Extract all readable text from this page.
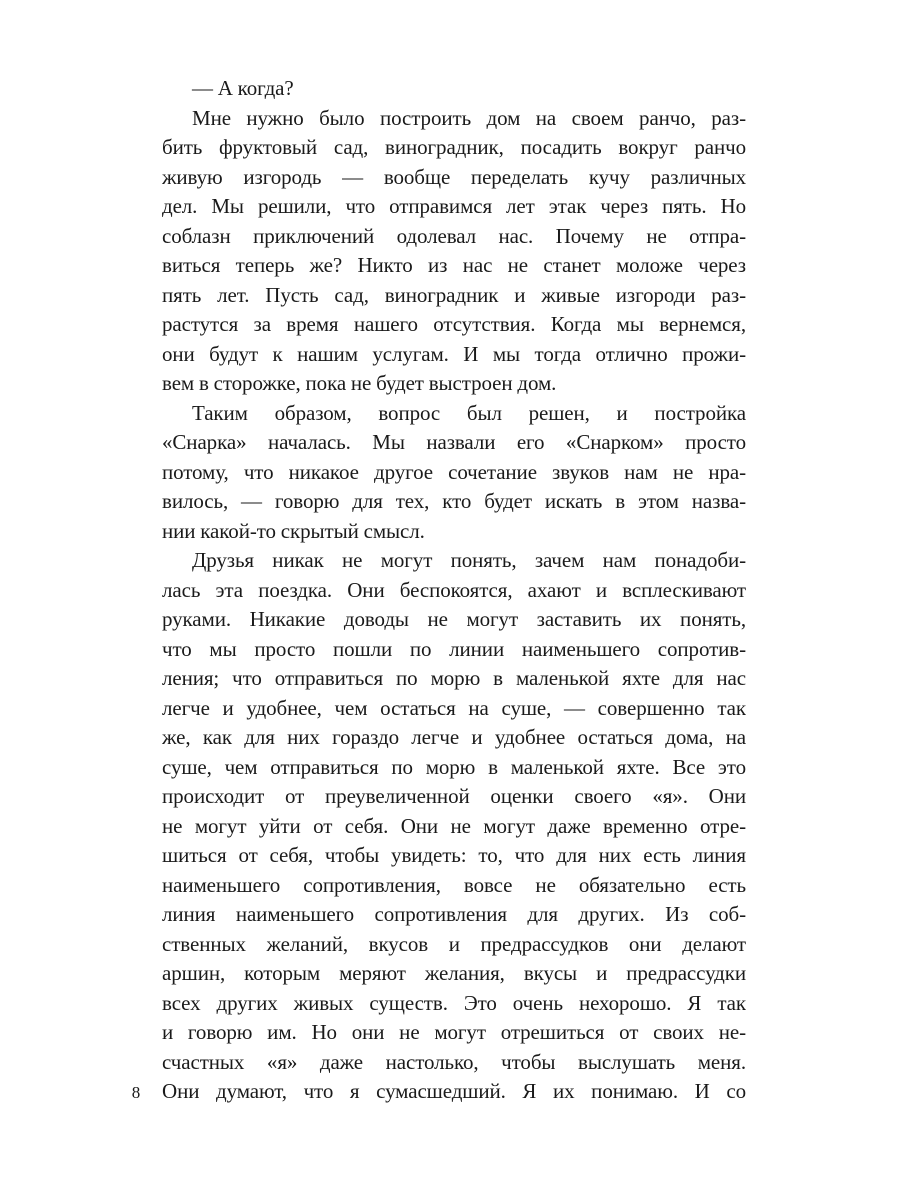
8
— А когда?
Мне нужно было построить дом на своем ранчо, раз-
бить фруктовый сад, виноградник, посадить вокруг ранчо
живую изгородь — вообще переделать кучу различных
дел. Мы решили, что отправимся лет этак через пять. Но
соблазн приключений одолевал нас. Почему не отпра-
виться теперь же? Никто из нас не станет моложе через
пять лет. Пусть сад, виноградник и живые изгороди раз-
растутся за время нашего отсутствия. Когда мы вернемся,
они будут к нашим услугам. И мы тогда отлично прожи-
вем в сторожке, пока не будет выстроен дом.
Таким образом, вопрос был решен, и постройка
«Снарка» началась. Мы назвали его «Снарком» просто
потому, что никакое другое сочетание звуков нам не нра-
вилось, — говорю для тех, кто будет искать в этом назва-
нии какой-то скрытый смысл.
Друзья никак не могут понять, зачем нам понадоби-
лась эта поездка. Они беспокоятся, ахают и всплескивают
руками. Никакие доводы не могут заставить их понять,
что мы просто пошли по линии наименьшего сопротив-
ления; что отправиться по морю в маленькой яхте для нас
легче и удобнее, чем остаться на суше, — совершенно так
же, как для них гораздо легче и удобнее остаться дома, на
суше, чем отправиться по морю в маленькой яхте. Все это
происходит от преувеличенной оценки своего «я». Они
не могут уйти от себя. Они не могут даже временно отре-
шиться от себя, чтобы увидеть: то, что для них есть линия
наименьшего сопротивления, вовсе не обязательно есть
линия наименьшего сопротивления для других. Из соб-
ственных желаний, вкусов и предрассудков они делают
аршин, которым меряют желания, вкусы и предрассудки
всех других живых существ. Это очень нехорошо. Я так
и говорю им. Но они не могут отрешиться от своих не-
счастных «я» даже настолько, чтобы выслушать меня.
Они думают, что я сумасшедший. Я их понимаю. И со
